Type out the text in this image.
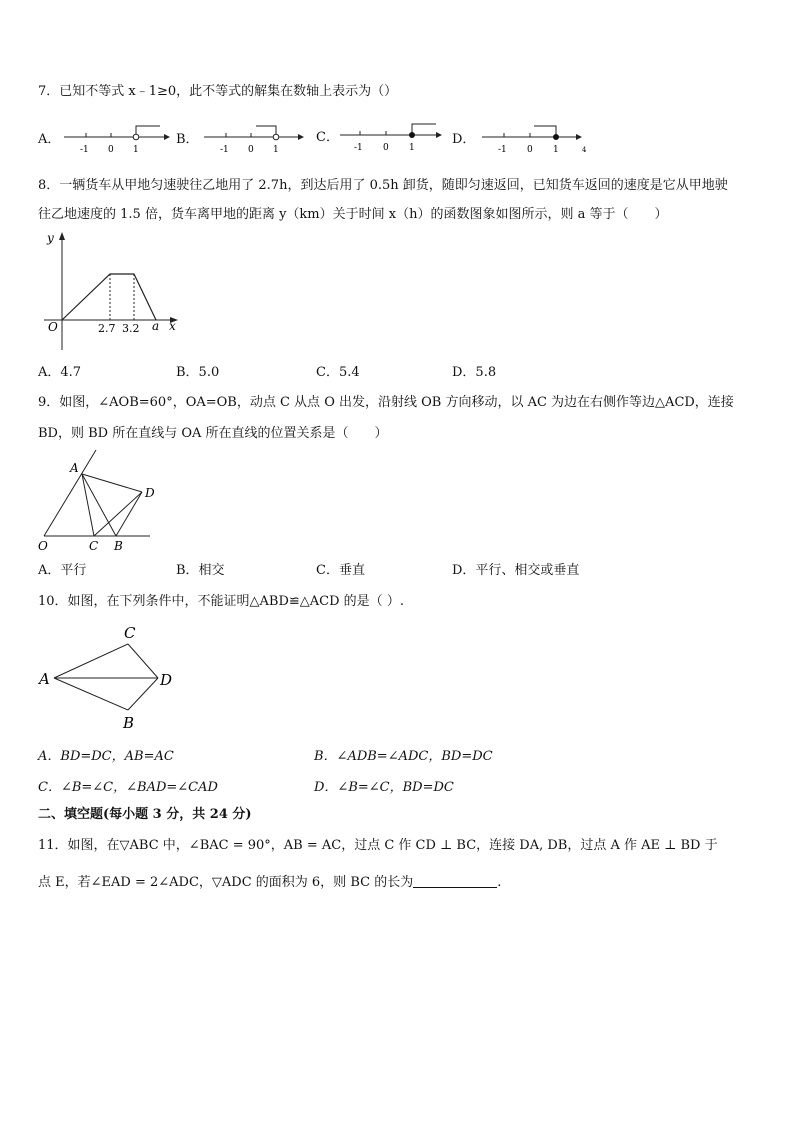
7．已知不等式 x﹣1≥0，此不等式的解集在数轴上表示为（）
A．
-1 0 1
B．
-1 0 1
C．
-1 0 1
D．
-1 0 1	4
8．一辆货车从甲地匀速驶往乙地用了 2.7h，到达后用了 0.5h 卸货，随即匀速返回，已知货车返回的速度是它从甲地驶
往乙地速度的 1.5 倍，货车离甲地的距离 y（km）关于时间 x（h）的函数图象如图所示，则 a 等于（　　）
y
x
O	2.7 3.2 a
A．4.7	B．5.0	C．5.4	D．5.8
9．如图，∠AOB=60°，OA=OB，动点 C 从点 O 出发，沿射线 OB 方向移动，以 AC 为边在右侧作等边△ACD，连接
BD，则 BD 所在直线与 OA 所在直线的位置关系是（　　）
A
D
O	C B
A．平行	B．相交	C．垂直	D．平行、相交或垂直
10．如图，在下列条件中，不能证明△ABD≌△ACD 的是（ ）.
C
A	D
B
A．BD=DC，AB=AC	B．∠ADB=∠ADC，BD=DC
C．∠B=∠C，∠BAD=∠CAD	D．∠B=∠C，BD=DC
二、填空题(每小题 3 分，共 24 分)
11．如图，在▽ABC 中，∠BAC = 90°，AB = AC，过点 C 作 CD ⊥ BC，连接 DA, DB，过点 A 作 AE ⊥ BD 于
点 E，若∠EAD = 2∠ADC，▽ADC 的面积为 6，则 BC 的长为	.
